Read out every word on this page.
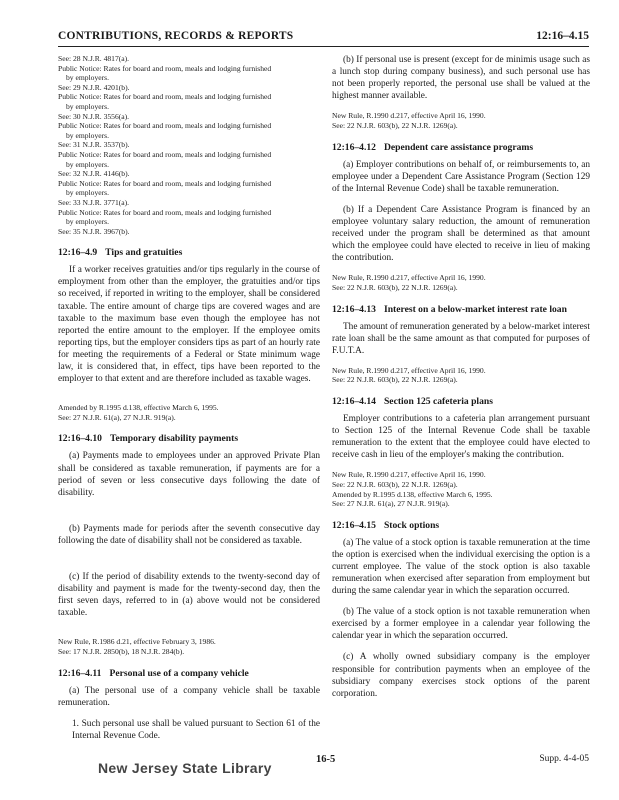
CONTRIBUTIONS, RECORDS & REPORTS	12:16–4.15
See: 28 N.J.R. 4817(a).
Public Notice: Rates for board and room, meals and lodging furnished
by employers.
See: 29 N.J.R. 4201(b).
Public Notice: Rates for board and room, meals and lodging furnished
by employers.
See: 30 N.J.R. 3556(a).
Public Notice: Rates for board and room, meals and lodging furnished
by employers.
See: 31 N.J.R. 3537(b).
Public Notice: Rates for board and room, meals and lodging furnished
by employers.
See: 32 N.J.R. 4146(b).
Public Notice: Rates for board and room, meals and lodging furnished
by employers.
See: 33 N.J.R. 3771(a).
Public Notice: Rates for board and room, meals and lodging furnished
by employers.
See: 35 N.J.R. 3967(b).
12:16–4.9 Tips and gratuities

If a worker receives gratuities and/or tips regularly in the course of employment from other than the employer, the gratuities and/or tips so received, if reported in writing to the employer, shall be considered taxable. The entire amount of charge tips are covered wages and are taxable to the maximum base even though the employee has not reported the entire amount to the employer. If the employee omits reporting tips, but the employer considers tips as part of an hourly rate for meeting the requirements of a Federal or State minimum wage law, it is considered that, in effect, tips have been reported to the employer to that extent and are therefore included as taxable wages.

Amended by R.1995 d.138, effective March 6, 1995.
See: 27 N.J.R. 61(a), 27 N.J.R. 919(a).
12:16–4.10 Temporary disability payments

(a) Payments made to employees under an approved Private Plan shall be considered as taxable remuneration, if payments are for a period of seven or less consecutive days following the date of disability.

(b) Payments made for periods after the seventh consecutive day following the date of disability shall not be considered as taxable.

(c) If the period of disability extends to the twenty-second day of disability and payment is made for the twenty-second day, then the first seven days, referred to in (a) above would not be considered taxable.

New Rule, R.1986 d.21, effective February 3, 1986.
See: 17 N.J.R. 2850(b), 18 N.J.R. 284(b).
12:16–4.11 Personal use of a company vehicle

(a) The personal use of a company vehicle shall be taxable remuneration.

1. Such personal use shall be valued pursuant to Section 61 of the Internal Revenue Code.

(b) If personal use is present (except for de minimis usage such as a lunch stop during company business), and such personal use has not been properly reported, the personal use shall be valued at the highest manner available.

New Rule, R.1990 d.217, effective April 16, 1990.
See: 22 N.J.R. 603(b), 22 N.J.R. 1269(a).
12:16–4.12 Dependent care assistance programs

(a) Employer contributions on behalf of, or reimbursements to, an employee under a Dependent Care Assistance Program (Section 129 of the Internal Revenue Code) shall be taxable remuneration.

(b) If a Dependent Care Assistance Program is financed by an employee voluntary salary reduction, the amount of remuneration received under the program shall be determined as that amount which the employee could have elected to receive in lieu of making the contribution.

New Rule, R.1990 d.217, effective April 16, 1990.
See: 22 N.J.R. 603(b), 22 N.J.R. 1269(a).
12:16–4.13 Interest on a below-market interest rate loan

The amount of remuneration generated by a below-market interest rate loan shall be the same amount as that computed for purposes of F.U.T.A.

New Rule, R.1990 d.217, effective April 16, 1990.
See: 22 N.J.R. 603(b), 22 N.J.R. 1269(a).
12:16–4.14 Section 125 cafeteria plans

Employer contributions to a cafeteria plan arrangement pursuant to Section 125 of the Internal Revenue Code shall be taxable remuneration to the extent that the employee could have elected to receive cash in lieu of the employer's making the contribution.

New Rule, R.1990 d.217, effective April 16, 1990.
See: 22 N.J.R. 603(b), 22 N.J.R. 1269(a).
Amended by R.1995 d.138, effective March 6, 1995.
See: 27 N.J.R. 61(a), 27 N.J.R. 919(a).
12:16–4.15 Stock options

(a) The value of a stock option is taxable remuneration at the time the option is exercised when the individual exercising the option is a current employee. The value of the stock option is also taxable remuneration when exercised after separation from employment but during the same calendar year in which the separation occurred.

(b) The value of a stock option is not taxable remuneration when exercised by a former employee in a calendar year following the calendar year in which the separation occurred.

(c) A wholly owned subsidiary company is the employer responsible for contribution payments when an employee of the subsidiary company exercises stock options of the parent corporation.

New Jersey State Library
16-5	Supp. 4-4-05
